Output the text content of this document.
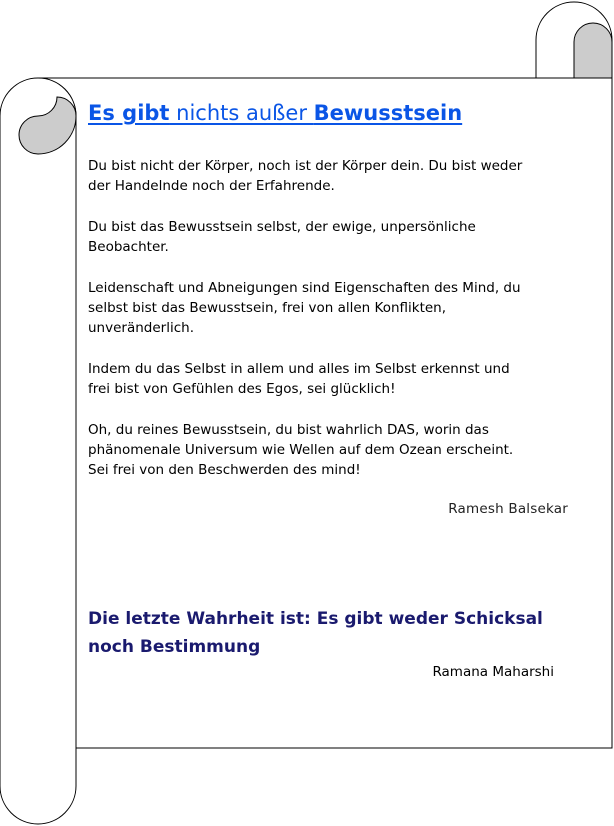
Es gibt nichts außer Bewusstsein

Du bist nicht der Körper, noch ist der Körper dein. Du bist weder
der Handelnde noch der Erfahrende.

Du bist das Bewusstsein selbst, der ewige, unpersönliche
Beobachter.

Leidenschaft und Abneigungen sind Eigenschaften des Mind, du
selbst bist das Bewusstsein, frei von allen Konflikten,
unveränderlich.

Indem du das Selbst in allem und alles im Selbst erkennst und
frei bist von Gefühlen des Egos, sei glücklich!

Oh, du reines Bewusstsein, du bist wahrlich DAS, worin das
phänomenale Universum wie Wellen auf dem Ozean erscheint.
Sei frei von den Beschwerden des mind!

Ramesh Balsekar

Die letzte Wahrheit ist: Es gibt weder Schicksal
noch Bestimmung
Ramana Maharshi
